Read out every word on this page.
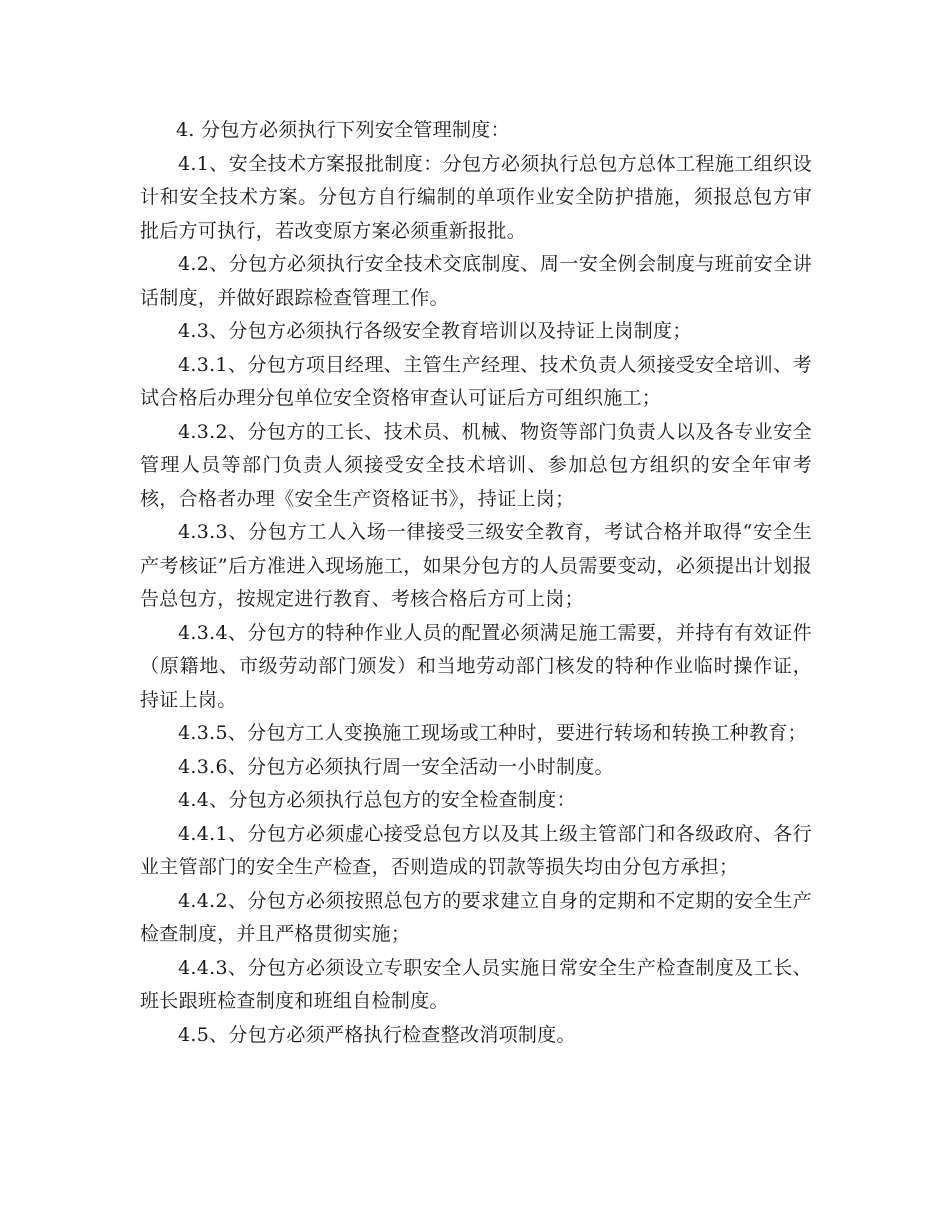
4. 分包方必须执行下列安全管理制度：

4.1、安全技术方案报批制度：分包方必须执行总包方总体工程施工组织设计和安全技术方案。分包方自行编制的单项作业安全防护措施，须报总包方审批后方可执行，若改变原方案必须重新报批。

4.2、分包方必须执行安全技术交底制度、周一安全例会制度与班前安全讲话制度，并做好跟踪检查管理工作。

4.3、分包方必须执行各级安全教育培训以及持证上岗制度；

4.3.1、分包方项目经理、主管生产经理、技术负责人须接受安全培训、考试合格后办理分包单位安全资格审查认可证后方可组织施工；

4.3.2、分包方的工长、技术员、机械、物资等部门负责人以及各专业安全管理人员等部门负责人须接受安全技术培训、参加总包方组织的安全年审考核，合格者办理《安全生产资格证书》，持证上岗；

4.3.3、分包方工人入场一律接受三级安全教育，考试合格并取得“安全生产考核证”后方准进入现场施工，如果分包方的人员需要变动，必须提出计划报告总包方，按规定进行教育、考核合格后方可上岗；

4.3.4、分包方的特种作业人员的配置必须满足施工需要，并持有有效证件（原籍地、市级劳动部门颁发）和当地劳动部门核发的特种作业临时操作证，持证上岗。

4.3.5、分包方工人变换施工现场或工种时，要进行转场和转换工种教育；

4.3.6、分包方必须执行周一安全活动一小时制度。

4.4、分包方必须执行总包方的安全检查制度：

4.4.1、分包方必须虚心接受总包方以及其上级主管部门和各级政府、各行业主管部门的安全生产检查，否则造成的罚款等损失均由分包方承担；

4.4.2、分包方必须按照总包方的要求建立自身的定期和不定期的安全生产检查制度，并且严格贯彻实施；

4.4.3、分包方必须设立专职安全人员实施日常安全生产检查制度及工长、班长跟班检查制度和班组自检制度。

4.5、分包方必须严格执行检查整改消项制度。
